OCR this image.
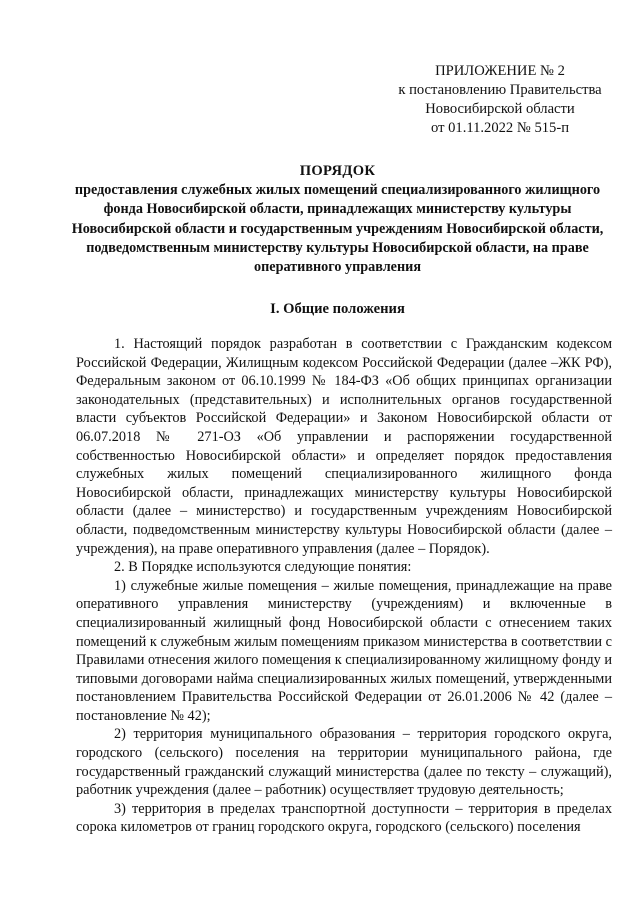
ПРИЛОЖЕНИЕ № 2
к постановлению Правительства
Новосибирской области
от 01.11.2022 № 515-п
ПОРЯДОК
предоставления служебных жилых помещений специализированного жилищного фонда Новосибирской области, принадлежащих министерству культуры Новосибирской области и государственным учреждениям Новосибирской области, подведомственным министерству культуры Новосибирской области, на праве оперативного управления
I. Общие положения

1. Настоящий порядок разработан в соответствии с Гражданским кодексом Российской Федерации, Жилищным кодексом Российской Федерации (далее –ЖК РФ), Федеральным законом от 06.10.1999 № 184-ФЗ «Об общих принципах организации законодательных (представительных) и исполнительных органов государственной власти субъектов Российской Федерации» и Законом Новосибирской области от 06.07.2018 № 271-ОЗ «Об управлении и распоряжении государственной собственностью Новосибирской области» и определяет порядок предоставления служебных жилых помещений специализированного жилищного фонда Новосибирской области, принадлежащих министерству культуры Новосибирской области (далее – министерство) и государственным учреждениям Новосибирской области, подведомственным министерству культуры Новосибирской области (далее – учреждения), на праве оперативного управления (далее – Порядок).

2. В Порядке используются следующие понятия:

1) служебные жилые помещения – жилые помещения, принадлежащие на праве оперативного управления министерству (учреждениям) и включенные в специализированный жилищный фонд Новосибирской области с отнесением таких помещений к служебным жилым помещениям приказом министерства в соответствии с Правилами отнесения жилого помещения к специализированному жилищному фонду и типовыми договорами найма специализированных жилых помещений, утвержденными постановлением Правительства Российской Федерации от 26.01.2006 № 42 (далее – постановление № 42);

2) территория муниципального образования – территория городского округа, городского (сельского) поселения на территории муниципального района, где государственный гражданский служащий министерства (далее по тексту – служащий), работник учреждения (далее – работник) осуществляет трудовую деятельность;

3) территория в пределах транспортной доступности – территория в пределах сорока километров от границ городского округа, городского (сельского) поселения
